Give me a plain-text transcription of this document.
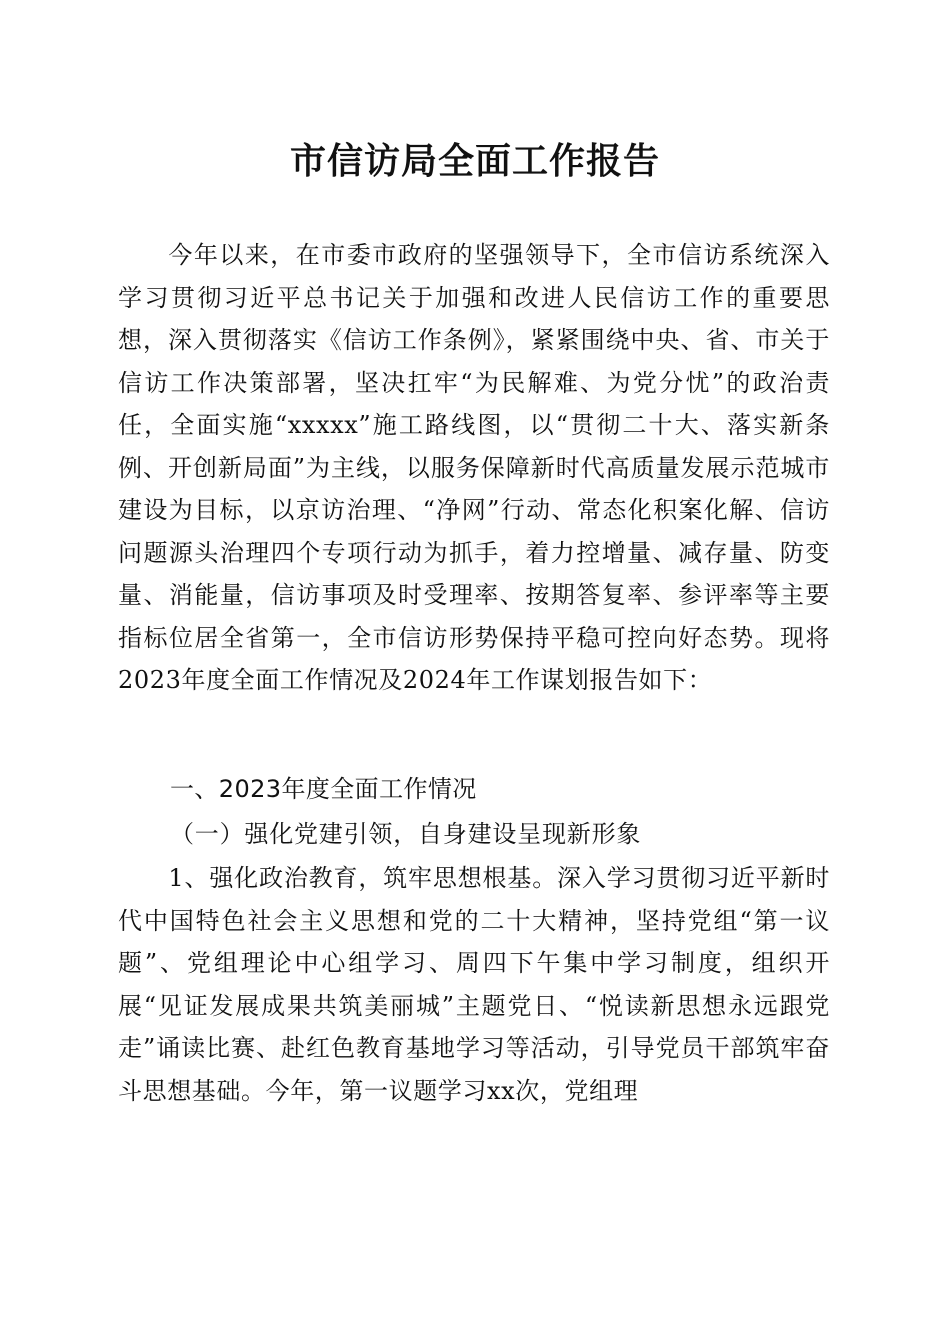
市信访局全面工作报告

今年以来，在市委市政府的坚强领导下，全市信访系统深入学习贯彻习近平总书记关于加强和改进人民信访工作的重要思想，深入贯彻落实《信访工作条例》，紧紧围绕中央、省、市关于信访工作决策部署，坚决扛牢“为民解难、为党分忧”的政治责任，全面实施“xxxxx”施工路线图，以“贯彻二十大、落实新条例、开创新局面”为主线，以服务保障新时代高质量发展示范城市建设为目标，以京访治理、“净网”行动、常态化积案化解、信访问题源头治理四个专项行动为抓手，着力控增量、减存量、防变量、消能量，信访事项及时受理率、按期答复率、参评率等主要指标位居全省第一，全市信访形势保持平稳可控向好态势。现将2023年度全面工作情况及2024年工作谋划报告如下：

一、2023年度全面工作情况
（一）强化党建引领，自身建设呈现新形象

1、强化政治教育，筑牢思想根基。深入学习贯彻习近平新时代中国特色社会主义思想和党的二十大精神，坚持党组“第一议题”、党组理论中心组学习、周四下午集中学习制度，组织开展“见证发展成果共筑美丽城”主题党日、“悦读新思想永远跟党走”诵读比赛、赴红色教育基地学习等活动，引导党员干部筑牢奋斗思想基础。今年，第一议题学习xx次，党组理
